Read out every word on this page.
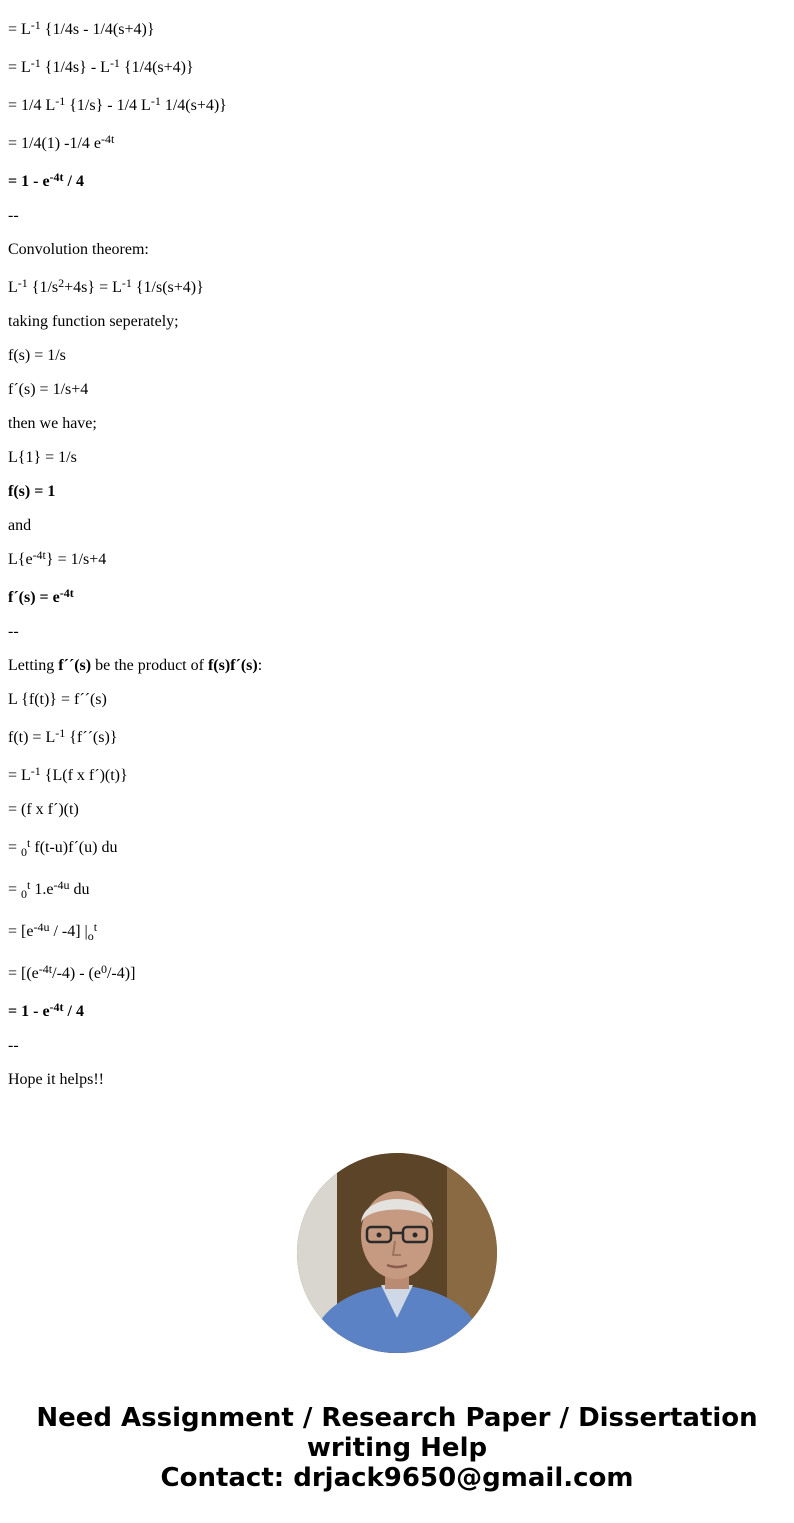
= $L^{-1}$ {1/4s - 1/4(s+4)}

= $L^{-1}$ $\{1/4s\} - L^{-1}$ {1/4(s+4)}

= 1/4 $L^{-1}$ {1/s} - 1/4 $L^{-1}$ 1/4(s+4)}

= 1/4(1) -1/4 $e^{-4t}$

= $1 - e^{-4t} / 4$

--

Convolution theorem:

$L^{-1}$ $\{1/s^2+4s\} = L^{-1}$ {1/s(s+4)}

taking function seperately;

f(s) = 1/s

f´(s) = 1/s+4

then we have;

L{1} = 1/s

f(s) = 1

and

$L\{e^{-4t}\} = 1/s+4$

f´(s) = $e^{-4t}$

--

Letting f´´(s) be the product of f(s)f´(s):

L {f(t)} = f´´(s)

$f(t) = L^{-1}$ {f´´(s)}

= $L^{-1}$ {L(f x f´)(t)}

= (f x f´)(t)

= $_0^t$ f(t-u)f´(u) du

= $_0^t$ $1.e^{-4u}$ du

= $[e^{-4u} / -4]$ $|_o^t$

= $[(e^{-4t}/-4) - (e^0/-4)]$

= $1 - e^{-4t} / 4$

--

Hope it helps!!

Need Assignment / Research Paper / Dissertation
writing Help
Contact: drjack9650@gmail.com
